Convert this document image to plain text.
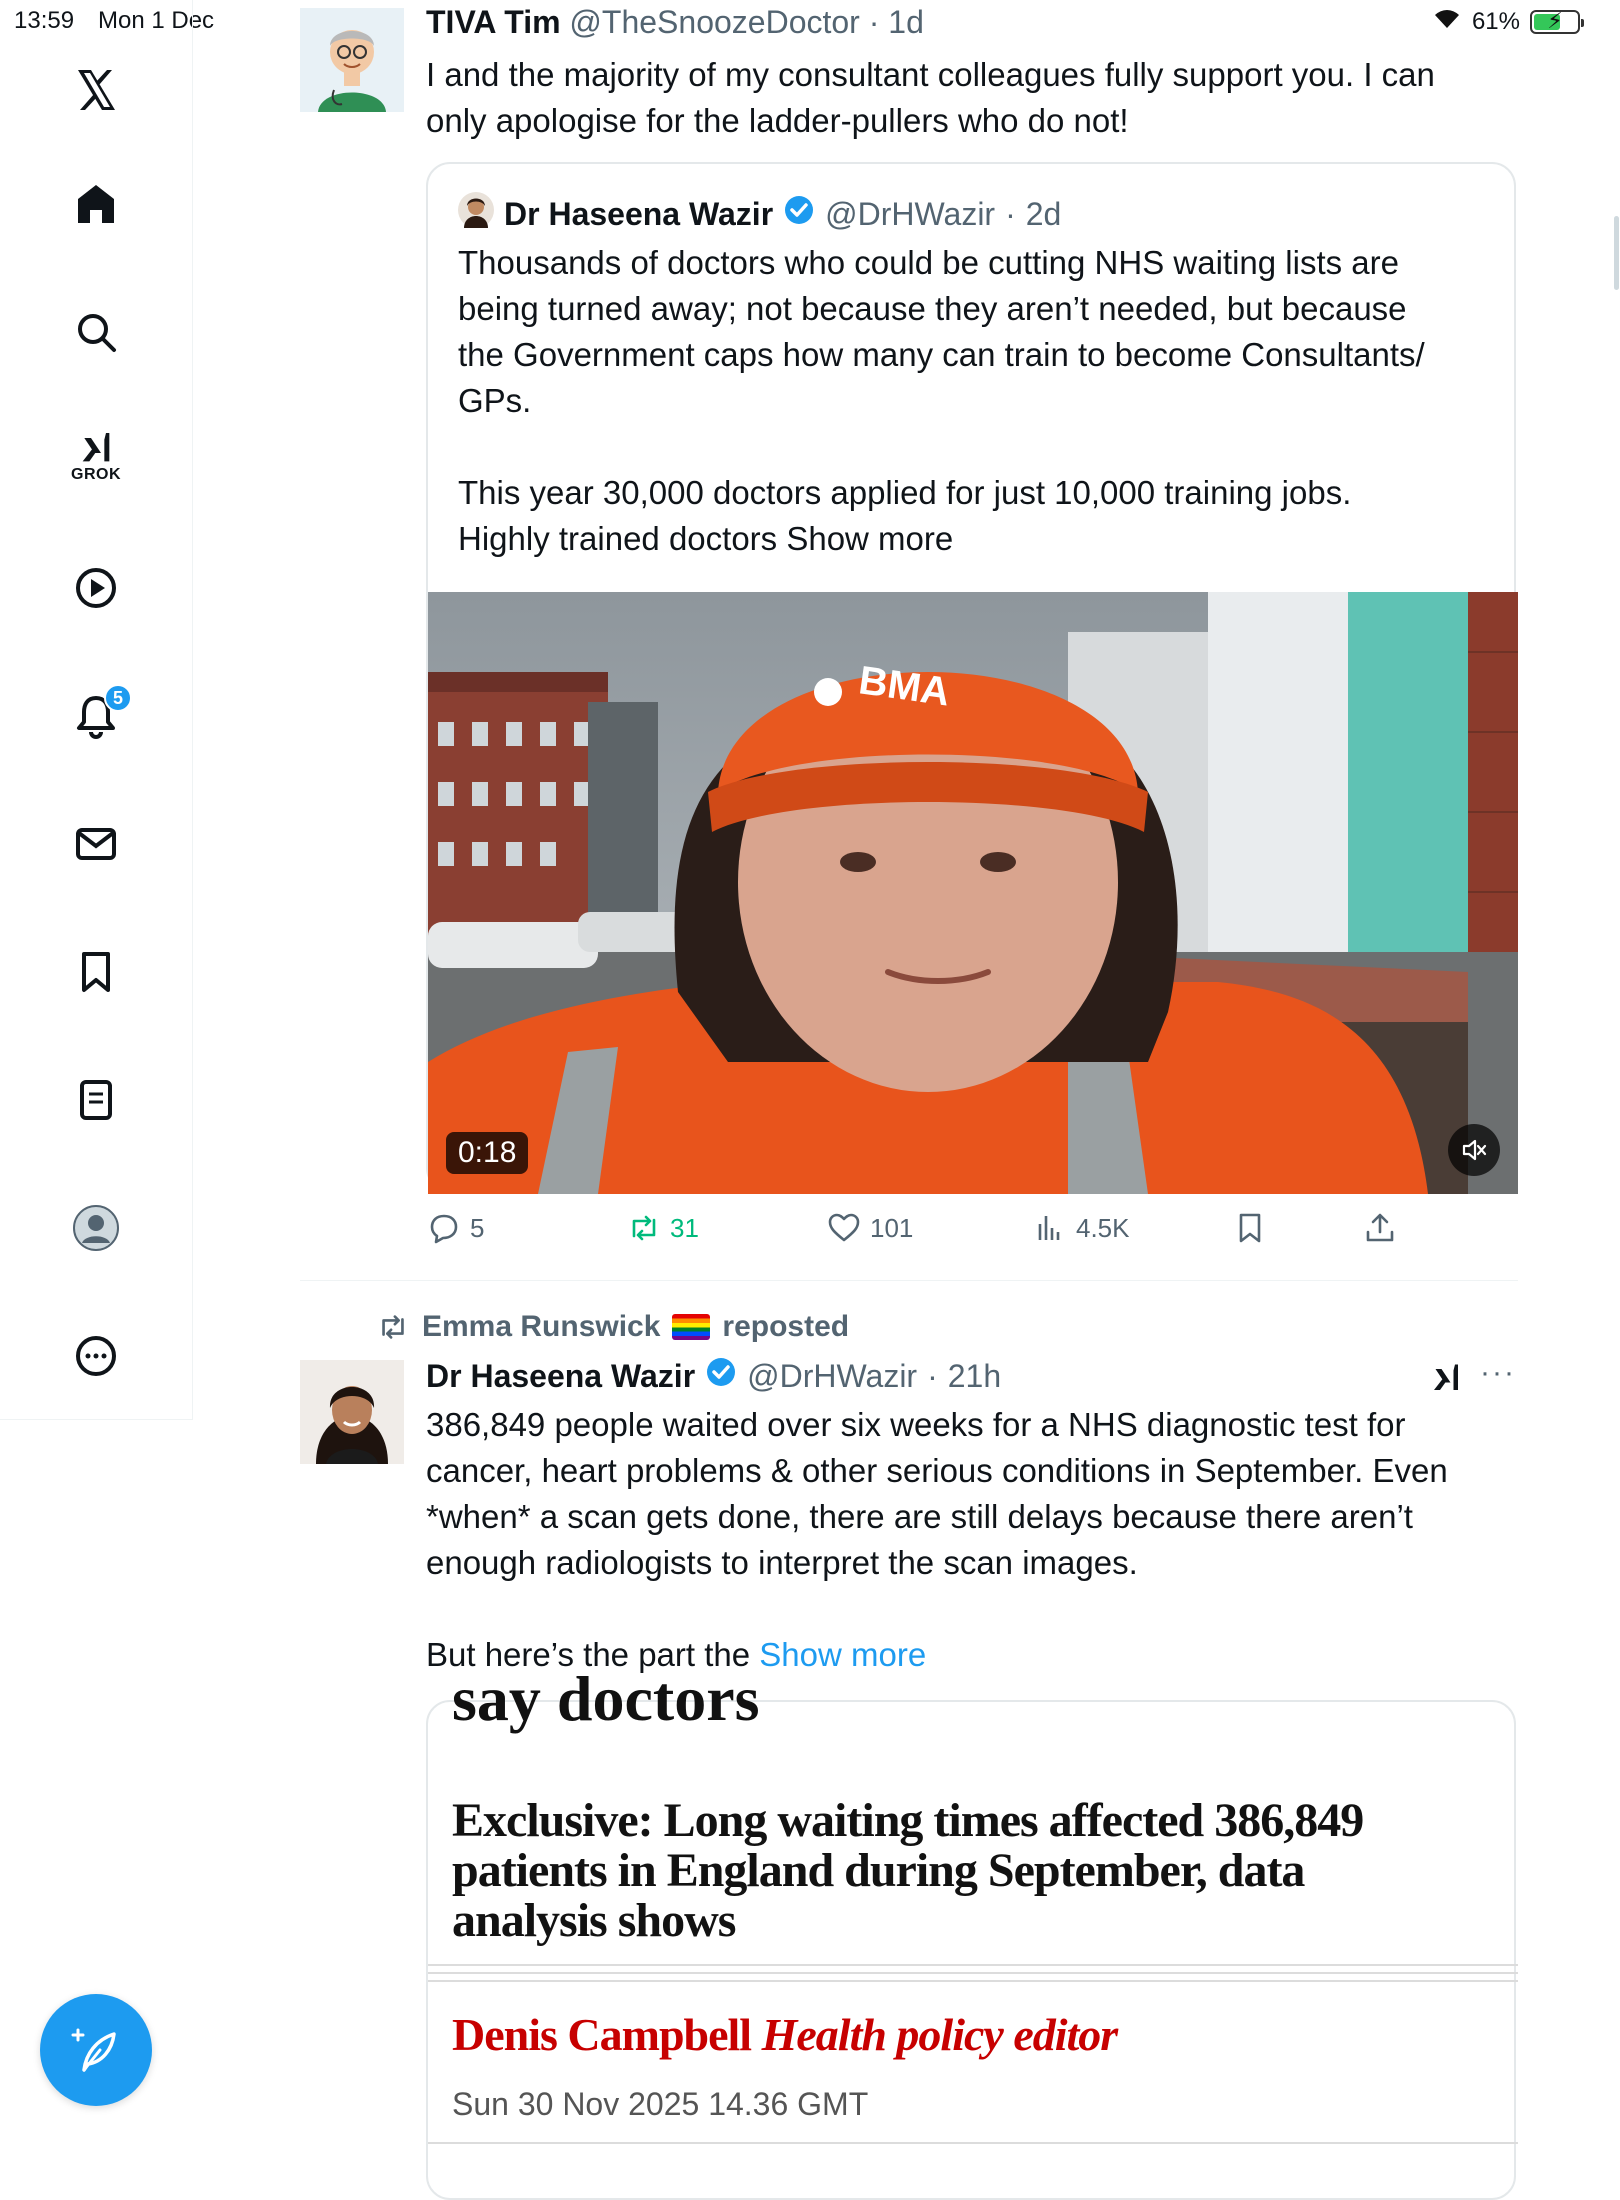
13:59 Mon 1 Dec	61%	⚡
GROK
5
TIVA Tim @TheSnoozeDoctor · 1d
I and the majority of my consultant colleagues fully support you. I can
only apologise for the ladder-pullers who do not!
Dr Haseena Wazir @DrHWazir · 2d
Thousands of doctors who could be cutting NHS waiting lists are
being turned away; not because they aren’t needed, but because
the Government caps how many can train to become Consultants/
GPs.
This year 30,000 doctors applied for just 10,000 training jobs.
Highly trained doctors Show more
BMA
0:18
5	31	101	4.5K
Emma Runswick reposted
Dr Haseena Wazir @DrHWazir · 21h	···
386,849 people waited over six weeks for a NHS diagnostic test for
cancer, heart problems & other serious conditions in September. Even
*when* a scan gets done, there are still delays because there aren’t
enough radiologists to interpret the scan images.
But here’s the part the Show more
say doctors
Exclusive: Long waiting times affected 386,849 patients in England during September, data analysis shows
Denis Campbell Health policy editor
Sun 30 Nov 2025 14.36 GMT
